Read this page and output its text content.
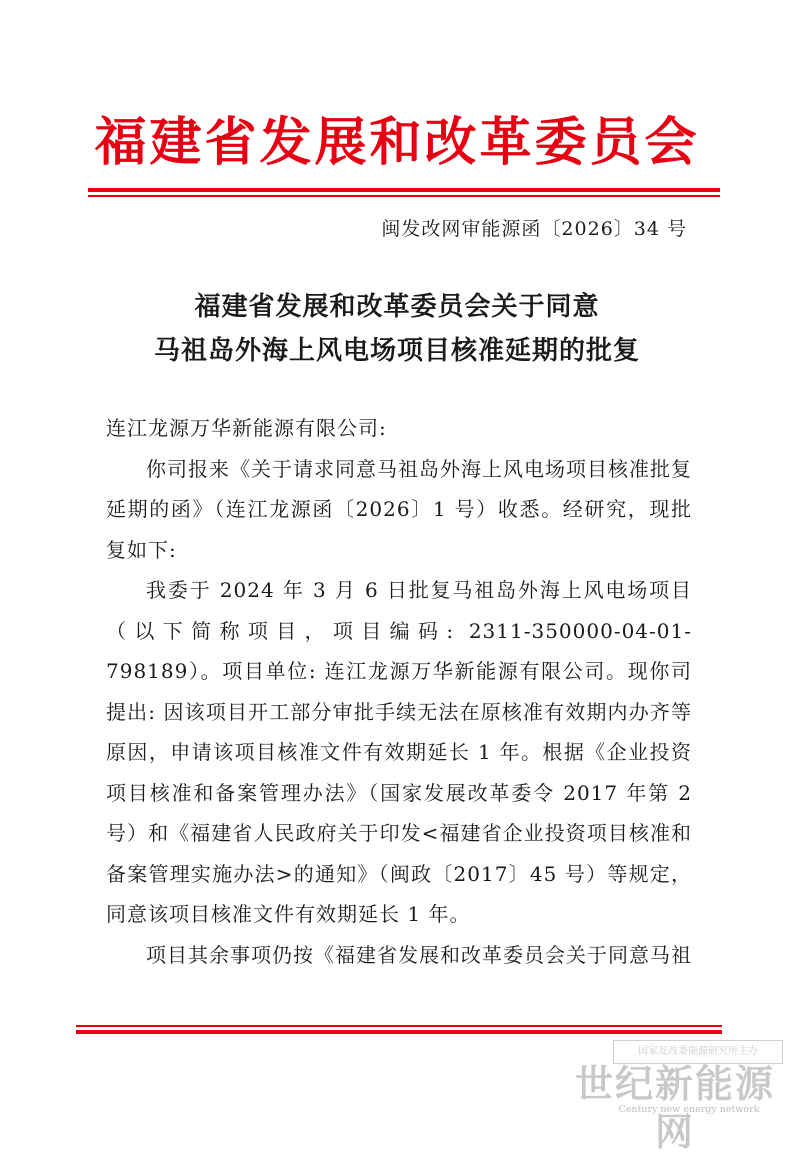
福建省发展和改革委员会
闽发改网审能源函〔2026〕34 号
福建省发展和改革委员会关于同意
马祖岛外海上风电场项目核准延期的批复

连江龙源万华新能源有限公司:

你司报来《关于请求同意马祖岛外海上风电场项目核准批复延期的函》（连江龙源函〔2026〕1 号）收悉。经研究，现批复如下:

我委于 2024 年 3 月 6 日批复马祖岛外海上风电场项目（以下简称项目，项目编码: 2311-350000-04-01-798189）。项目单位: 连江龙源万华新能源有限公司。现你司提出: 因该项目开工部分审批手续无法在原核准有效期内办齐等原因，申请该项目核准文件有效期延长 1 年。根据《企业投资项目核准和备案管理办法》（国家发展改革委令 2017 年第 2 号）和《福建省人民政府关于印发<福建省企业投资项目核准和备案管理实施办法>的通知》（闽政〔2017〕45 号）等规定，同意该项目核准文件有效期延长 1 年。

项目其余事项仍按《福建省发展和改革委员会关于同意马祖

国家发改委能源研究所主办
世纪新能源网
Century new energy network
